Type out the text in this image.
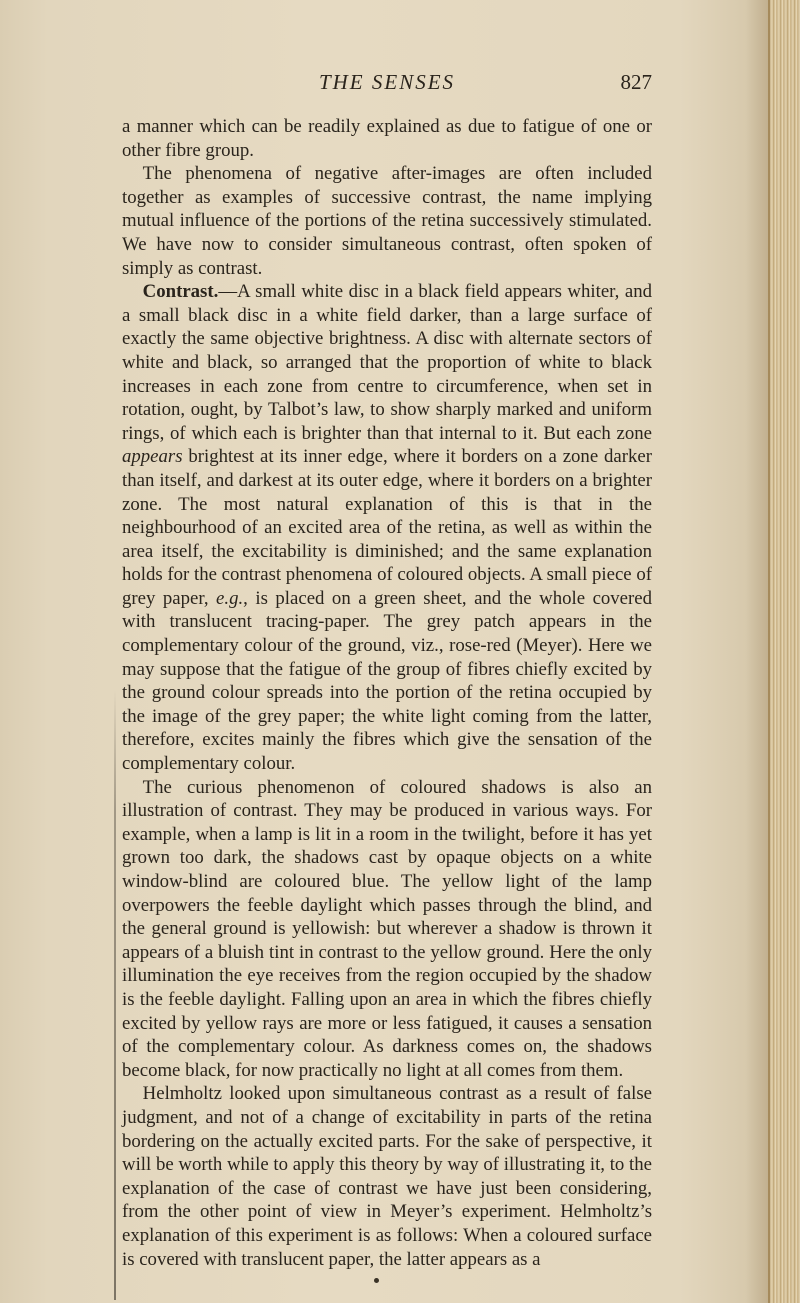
THE SENSES	827

a manner which can be readily explained as due to fatigue of one or other fibre group.

The phenomena of negative after-images are often included together as examples of successive contrast, the name implying mutual influence of the portions of the retina successively stimulated. We have now to consider simultaneous contrast, often spoken of simply as contrast.

Contrast.—A small white disc in a black field appears whiter, and a small black disc in a white field darker, than a large surface of exactly the same objective brightness. A disc with alternate sectors of white and black, so arranged that the proportion of white to black increases in each zone from centre to circumference, when set in rotation, ought, by Talbot’s law, to show sharply marked and uniform rings, of which each is brighter than that internal to it. But each zone appears brightest at its inner edge, where it borders on a zone darker than itself, and darkest at its outer edge, where it borders on a brighter zone. The most natural explanation of this is that in the neighbourhood of an excited area of the retina, as well as within the area itself, the excitability is diminished; and the same explanation holds for the contrast phenomena of coloured objects. A small piece of grey paper, e.g., is placed on a green sheet, and the whole covered with translucent tracing-paper. The grey patch appears in the complementary colour of the ground, viz., rose-red (Meyer). Here we may suppose that the fatigue of the group of fibres chiefly excited by the ground colour spreads into the portion of the retina occupied by the image of the grey paper; the white light coming from the latter, therefore, excites mainly the fibres which give the sensation of the complementary colour.

The curious phenomenon of coloured shadows is also an illustration of contrast. They may be produced in various ways. For example, when a lamp is lit in a room in the twilight, before it has yet grown too dark, the shadows cast by opaque objects on a white window-blind are coloured blue. The yellow light of the lamp overpowers the feeble daylight which passes through the blind, and the general ground is yellowish: but wherever a shadow is thrown it appears of a bluish tint in contrast to the yellow ground. Here the only illumination the eye receives from the region occupied by the shadow is the feeble daylight. Falling upon an area in which the fibres chiefly excited by yellow rays are more or less fatigued, it causes a sensation of the complementary colour. As darkness comes on, the shadows become black, for now practically no light at all comes from them.

Helmholtz looked upon simultaneous contrast as a result of false judgment, and not of a change of excitability in parts of the retina bordering on the actually excited parts. For the sake of perspective, it will be worth while to apply this theory by way of illustrating it, to the explanation of the case of contrast we have just been considering, from the other point of view in Meyer’s experiment. Helmholtz’s explanation of this experiment is as follows: When a coloured surface is covered with translucent paper, the latter appears as a
